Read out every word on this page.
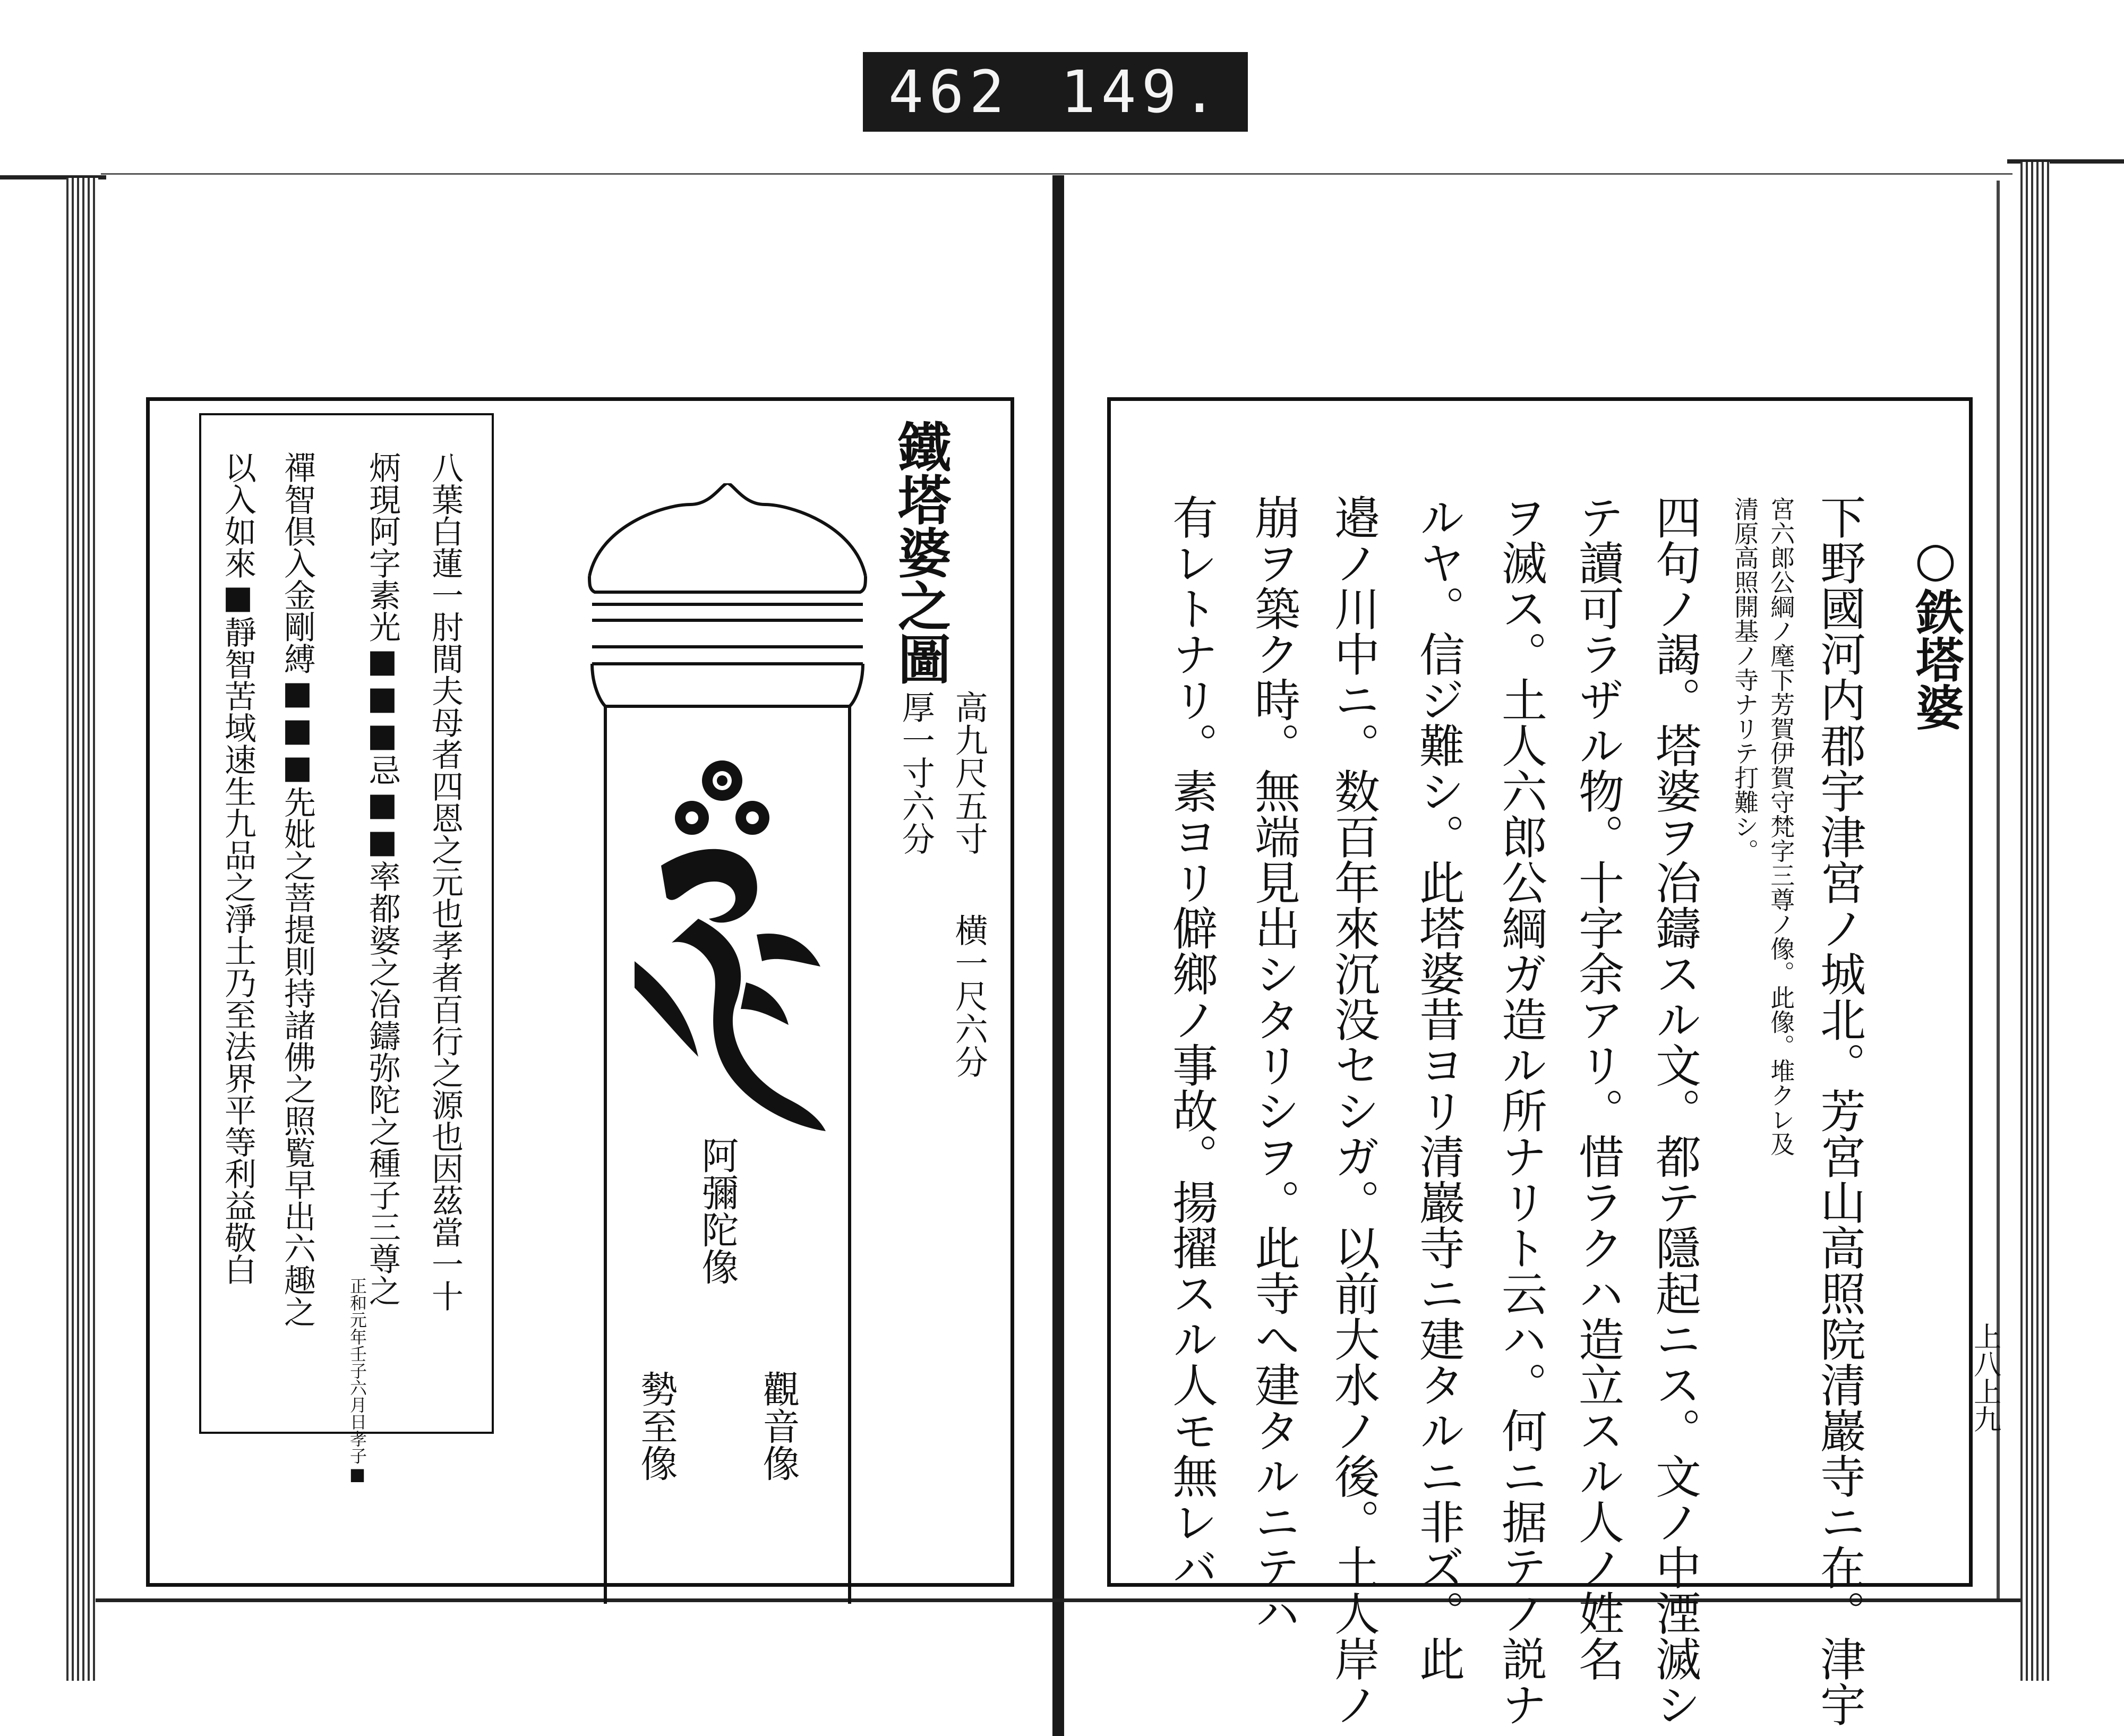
462 149.
鐵塔婆之圖
高九尺五寸
横一尺六分
厚一寸六分
阿彌陀像
觀音像
勢至像
八葉白蓮一肘間夫母者四恩之元也孝者百行之源也因茲當一十
炳現阿字素光■■■忌■■率都婆之冶鑄弥陀之種子三尊之
禪智倶入金剛縛■■■先妣之菩提則持諸佛之照覧早出六趣之
以入如來■靜智苦域速生九品之淨土乃至法界平等利益敬白
正和元年壬子六月日孝子■
○鉄塔婆
下野國河内郡宇津宮ノ城北。芳宮山高照院清巖寺ニ在。津宇
宮六郎公綱ノ麾下芳賀伊賀守梵字三尊ノ像。此像。堆クレ及
清原高照開基ノ寺ナリテ打難シ。
四句ノ謁。塔婆ヲ冶鑄スル文。都テ隱起ニス。文ノ中湮滅シ
テ讀可ラザル物。十字余アリ。惜ラクハ造立スル人ノ姓名
ヲ滅ス。土人六郎公綱ガ造ル所ナリト云ハ。何ニ据テノ説ナ
ルヤ。信ジ難シ。此塔婆昔ヨリ清巖寺ニ建タルニ非ズ。此
邉ノ川中ニ。数百年來沉没セシガ。以前大水ノ後。土人岸ノ
崩ヲ築ク時。無端見出シタリシヲ。此寺へ建タルニテハ
有レトナリ。素ヨリ僻鄉ノ事故。揚擢スル人モ無レバ	上八上九
